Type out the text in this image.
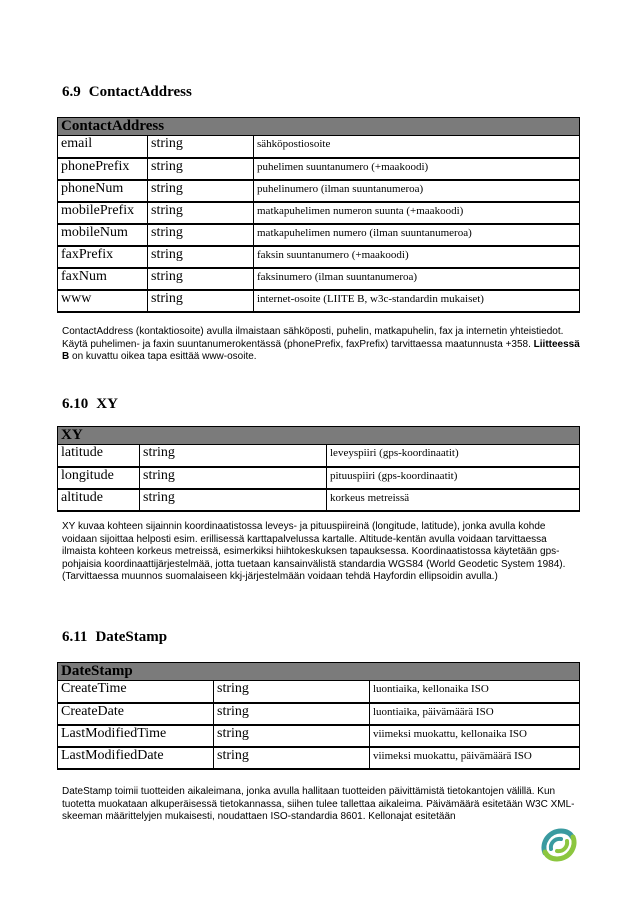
6.9 ContactAddress
ContactAddress		
email	string	sähköpostiosoite
phonePrefix	string	puhelimen suuntanumero (+maakoodi)
phoneNum	string	puhelinumero (ilman suuntanumeroa)
mobilePrefix	string	matkapuhelimen numeron suunta (+maakoodi)
mobileNum	string	matkapuhelimen numero (ilman suuntanumeroa)
faxPrefix	string	faksin suuntanumero (+maakoodi)
faxNum	string	faksinumero (ilman suuntanumeroa)
www	string	internet-osoite (LIITE B, w3c-standardin mukaiset)

ContactAddress (kontaktiosoite) avulla ilmaistaan sähköposti, puhelin, matkapuhelin, fax ja internetin yhteistiedot. Käytä puhelimen- ja faxin suuntanumerokentässä (phonePrefix, faxPrefix) tarvittaessa maatunnusta +358. Liitteessä B on kuvattu oikea tapa esittää www-osoite.

6.10 XY
XY		
latitude	string	leveyspiiri (gps-koordinaatit)
longitude	string	pituuspiiri (gps-koordinaatit)
altitude	string	korkeus metreissä

XY kuvaa kohteen sijainnin koordinaatistossa leveys- ja pituuspiireinä (longitude, latitude), jonka avulla kohde voidaan sijoittaa helposti esim. erillisessä karttapalvelussa kartalle. Altitude-kentän avulla voidaan tarvittaessa ilmaista kohteen korkeus metreissä, esimerkiksi hiihtokeskuksen tapauksessa. Koordinaatistossa käytetään gps-pohjaisia koordinaattijärjestelmää, jotta tuetaan kansainvälistä standardia WGS84 (World Geodetic System 1984). (Tarvittaessa muunnos suomalaiseen kkj-järjestelmään voidaan tehdä Hayfordin ellipsoidin avulla.)

6.11 DateStamp
DateStamp		
CreateTime	string	luontiaika, kellonaika ISO
CreateDate	string	luontiaika, päivämäärä ISO
LastModifiedTime	string	viimeksi muokattu, kellonaika ISO
LastModifiedDate	string	viimeksi muokattu, päivämäärä ISO

DateStamp toimii tuotteiden aikaleimana, jonka avulla hallitaan tuotteiden päivittämistä tietokantojen välillä. Kun tuotetta muokataan alkuperäisessä tietokannassa, siihen tulee tallettaa aikaleima. Päivämäärä esitetään W3C XML-skeeman määrittelyjen mukaisesti, noudattaen ISO-standardia 8601. Kellonajat esitetään
